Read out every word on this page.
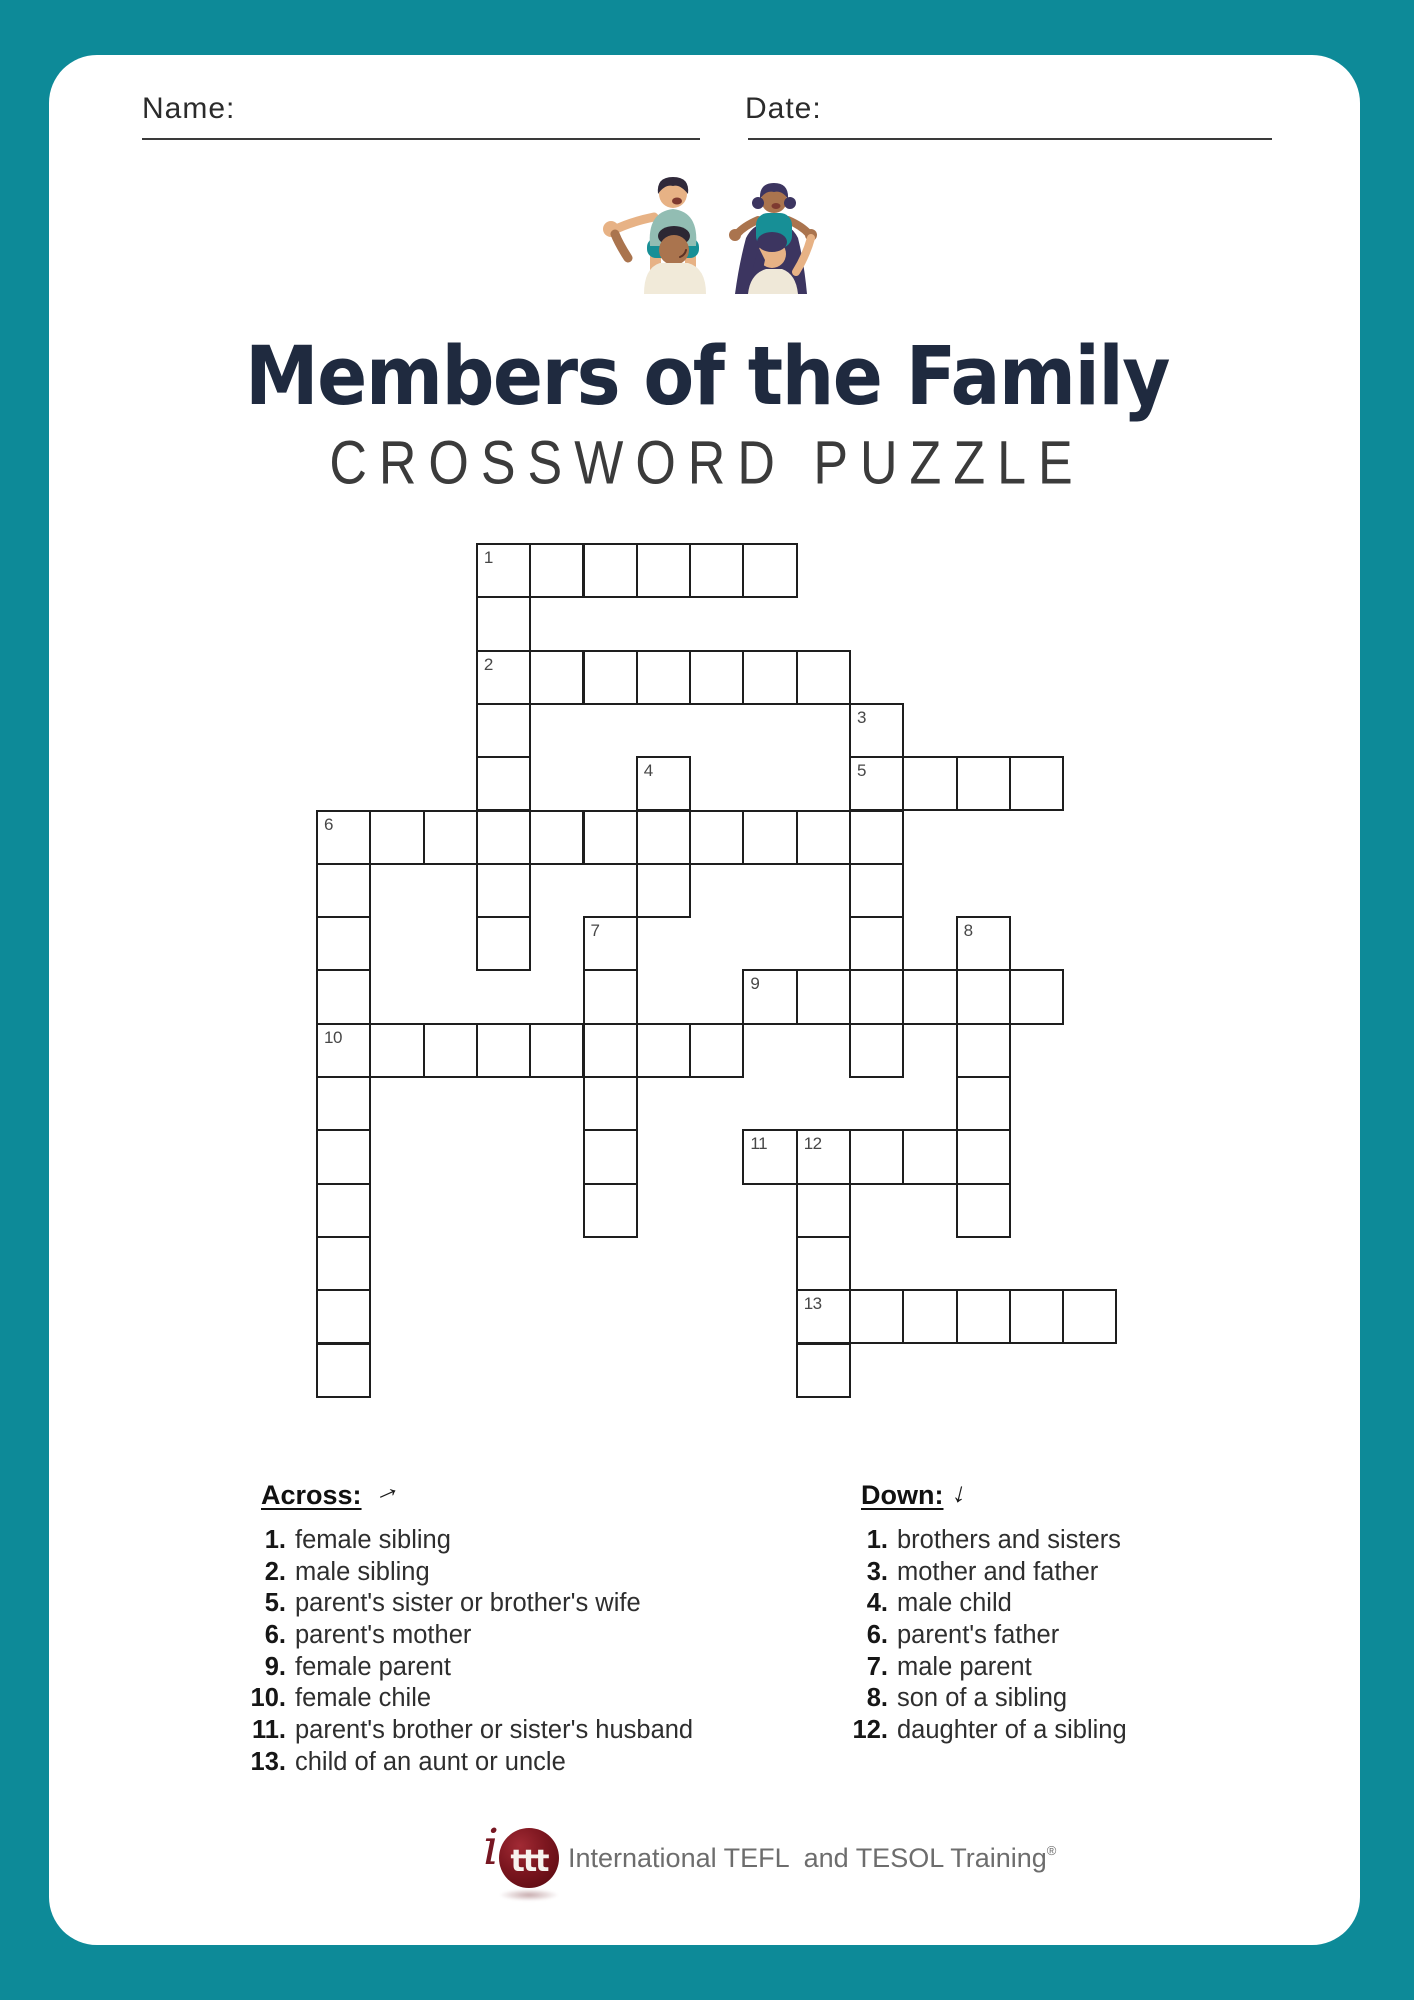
Name:	Date:
Members of the Family
CROSSWORD PUZZLE
1
2
3
5
4
6
10
7	8
9
11 12
13
Across: →
1. female sibling
2. male sibling
5. parent's sister or brother's wife
6. parent's mother
9. female parent
10. female chile
11. parent's brother or sister's husband
13. child of an aunt or uncle
Down: ↓
1. brothers and sisters
3. mother and father
4. male child
6. parent's father
7. male parent
8. son of a sibling
12. daughter of a sibling
i ttt International TEFL  and TESOL Training®
